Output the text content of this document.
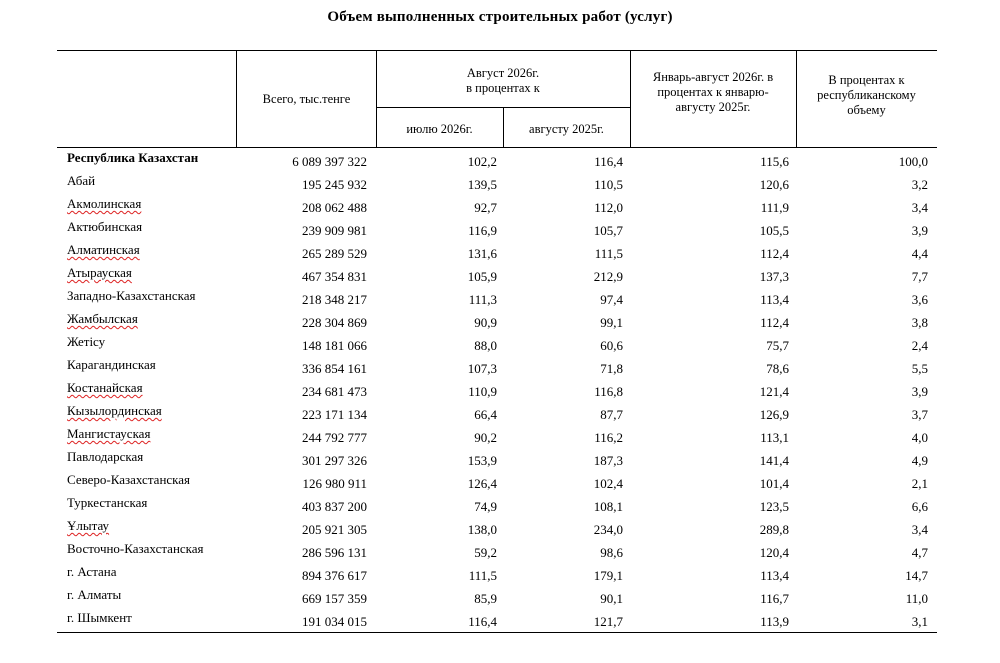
Объем выполненных строительных работ (услуг)
Всего, тыс.тенге
Август 2026г.
в процентах к
июлю 2026г.	августу 2025г.
Январь-август 2026г. в
процентах к январю-
августу 2025г.
В процентах к
республиканскому
объему
Республика Казахстан	6 089 397 322	102,2	116,4	115,6	100,0
Абай	195 245 932	139,5	110,5	120,6	3,2
Акмолинская	208 062 488	92,7	112,0	111,9	3,4
Актюбинская	239 909 981	116,9	105,7	105,5	3,9
Алматинская	265 289 529	131,6	111,5	112,4	4,4
Атырауская	467 354 831	105,9	212,9	137,3	7,7
Западно-Казахстанская	218 348 217	111,3	97,4	113,4	3,6
Жамбылская	228 304 869	90,9	99,1	112,4	3,8
Жетісу	148 181 066	88,0	60,6	75,7	2,4
Карагандинская	336 854 161	107,3	71,8	78,6	5,5
Костанайская	234 681 473	110,9	116,8	121,4	3,9
Кызылординская	223 171 134	66,4	87,7	126,9	3,7
Мангистауская	244 792 777	90,2	116,2	113,1	4,0
Павлодарская	301 297 326	153,9	187,3	141,4	4,9
Северо-Казахстанская	126 980 911	126,4	102,4	101,4	2,1
Туркестанская	403 837 200	74,9	108,1	123,5	6,6
Ұлытау	205 921 305	138,0	234,0	289,8	3,4
Восточно-Казахстанская	286 596 131	59,2	98,6	120,4	4,7
г. Астана	894 376 617	111,5	179,1	113,4	14,7
г. Алматы	669 157 359	85,9	90,1	116,7	11,0
г. Шымкент	191 034 015	116,4	121,7	113,9	3,1
